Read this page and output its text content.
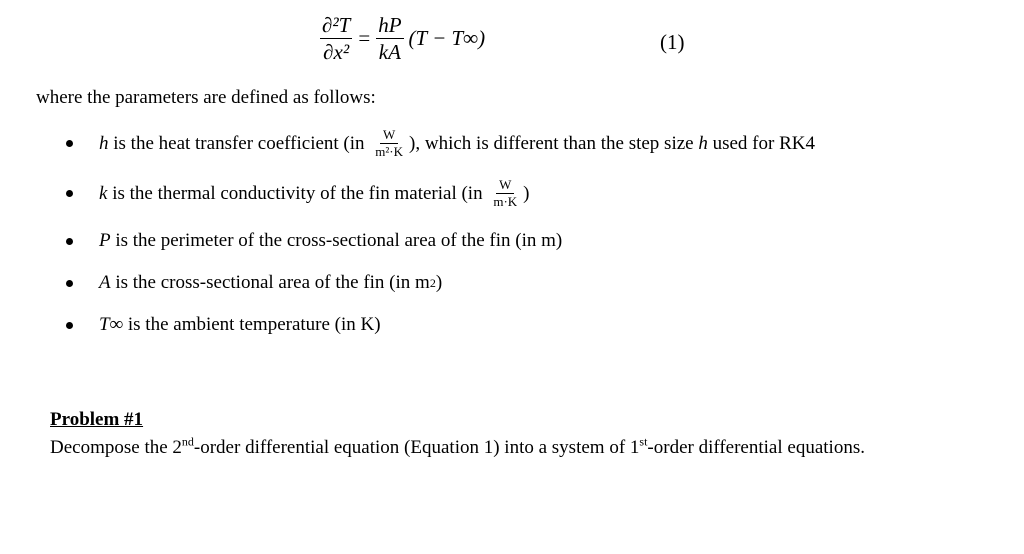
$\frac{\text{∂²T}}{\text{∂x²}} = \frac{hP}{kA} (T - T\infty)$	(1)
where the parameters are defined as follows:
h is the heat transfer coefficient ($in \frac{W}{\text{m²·K}}$ ), which is different than the step size h used for RK4
k is the thermal conductivity of the fin material ($in \frac{W}{m\cdot K}$ )
P is the perimeter of the cross-sectional area of the fin (in m)
A is the cross-sectional area of the fin (in m 2 )
T∞ is the ambient temperature (in K)
Problem #1
Decompose the 2nd-order differential equation (Equation 1) into a system of 1st-order differential equations.
